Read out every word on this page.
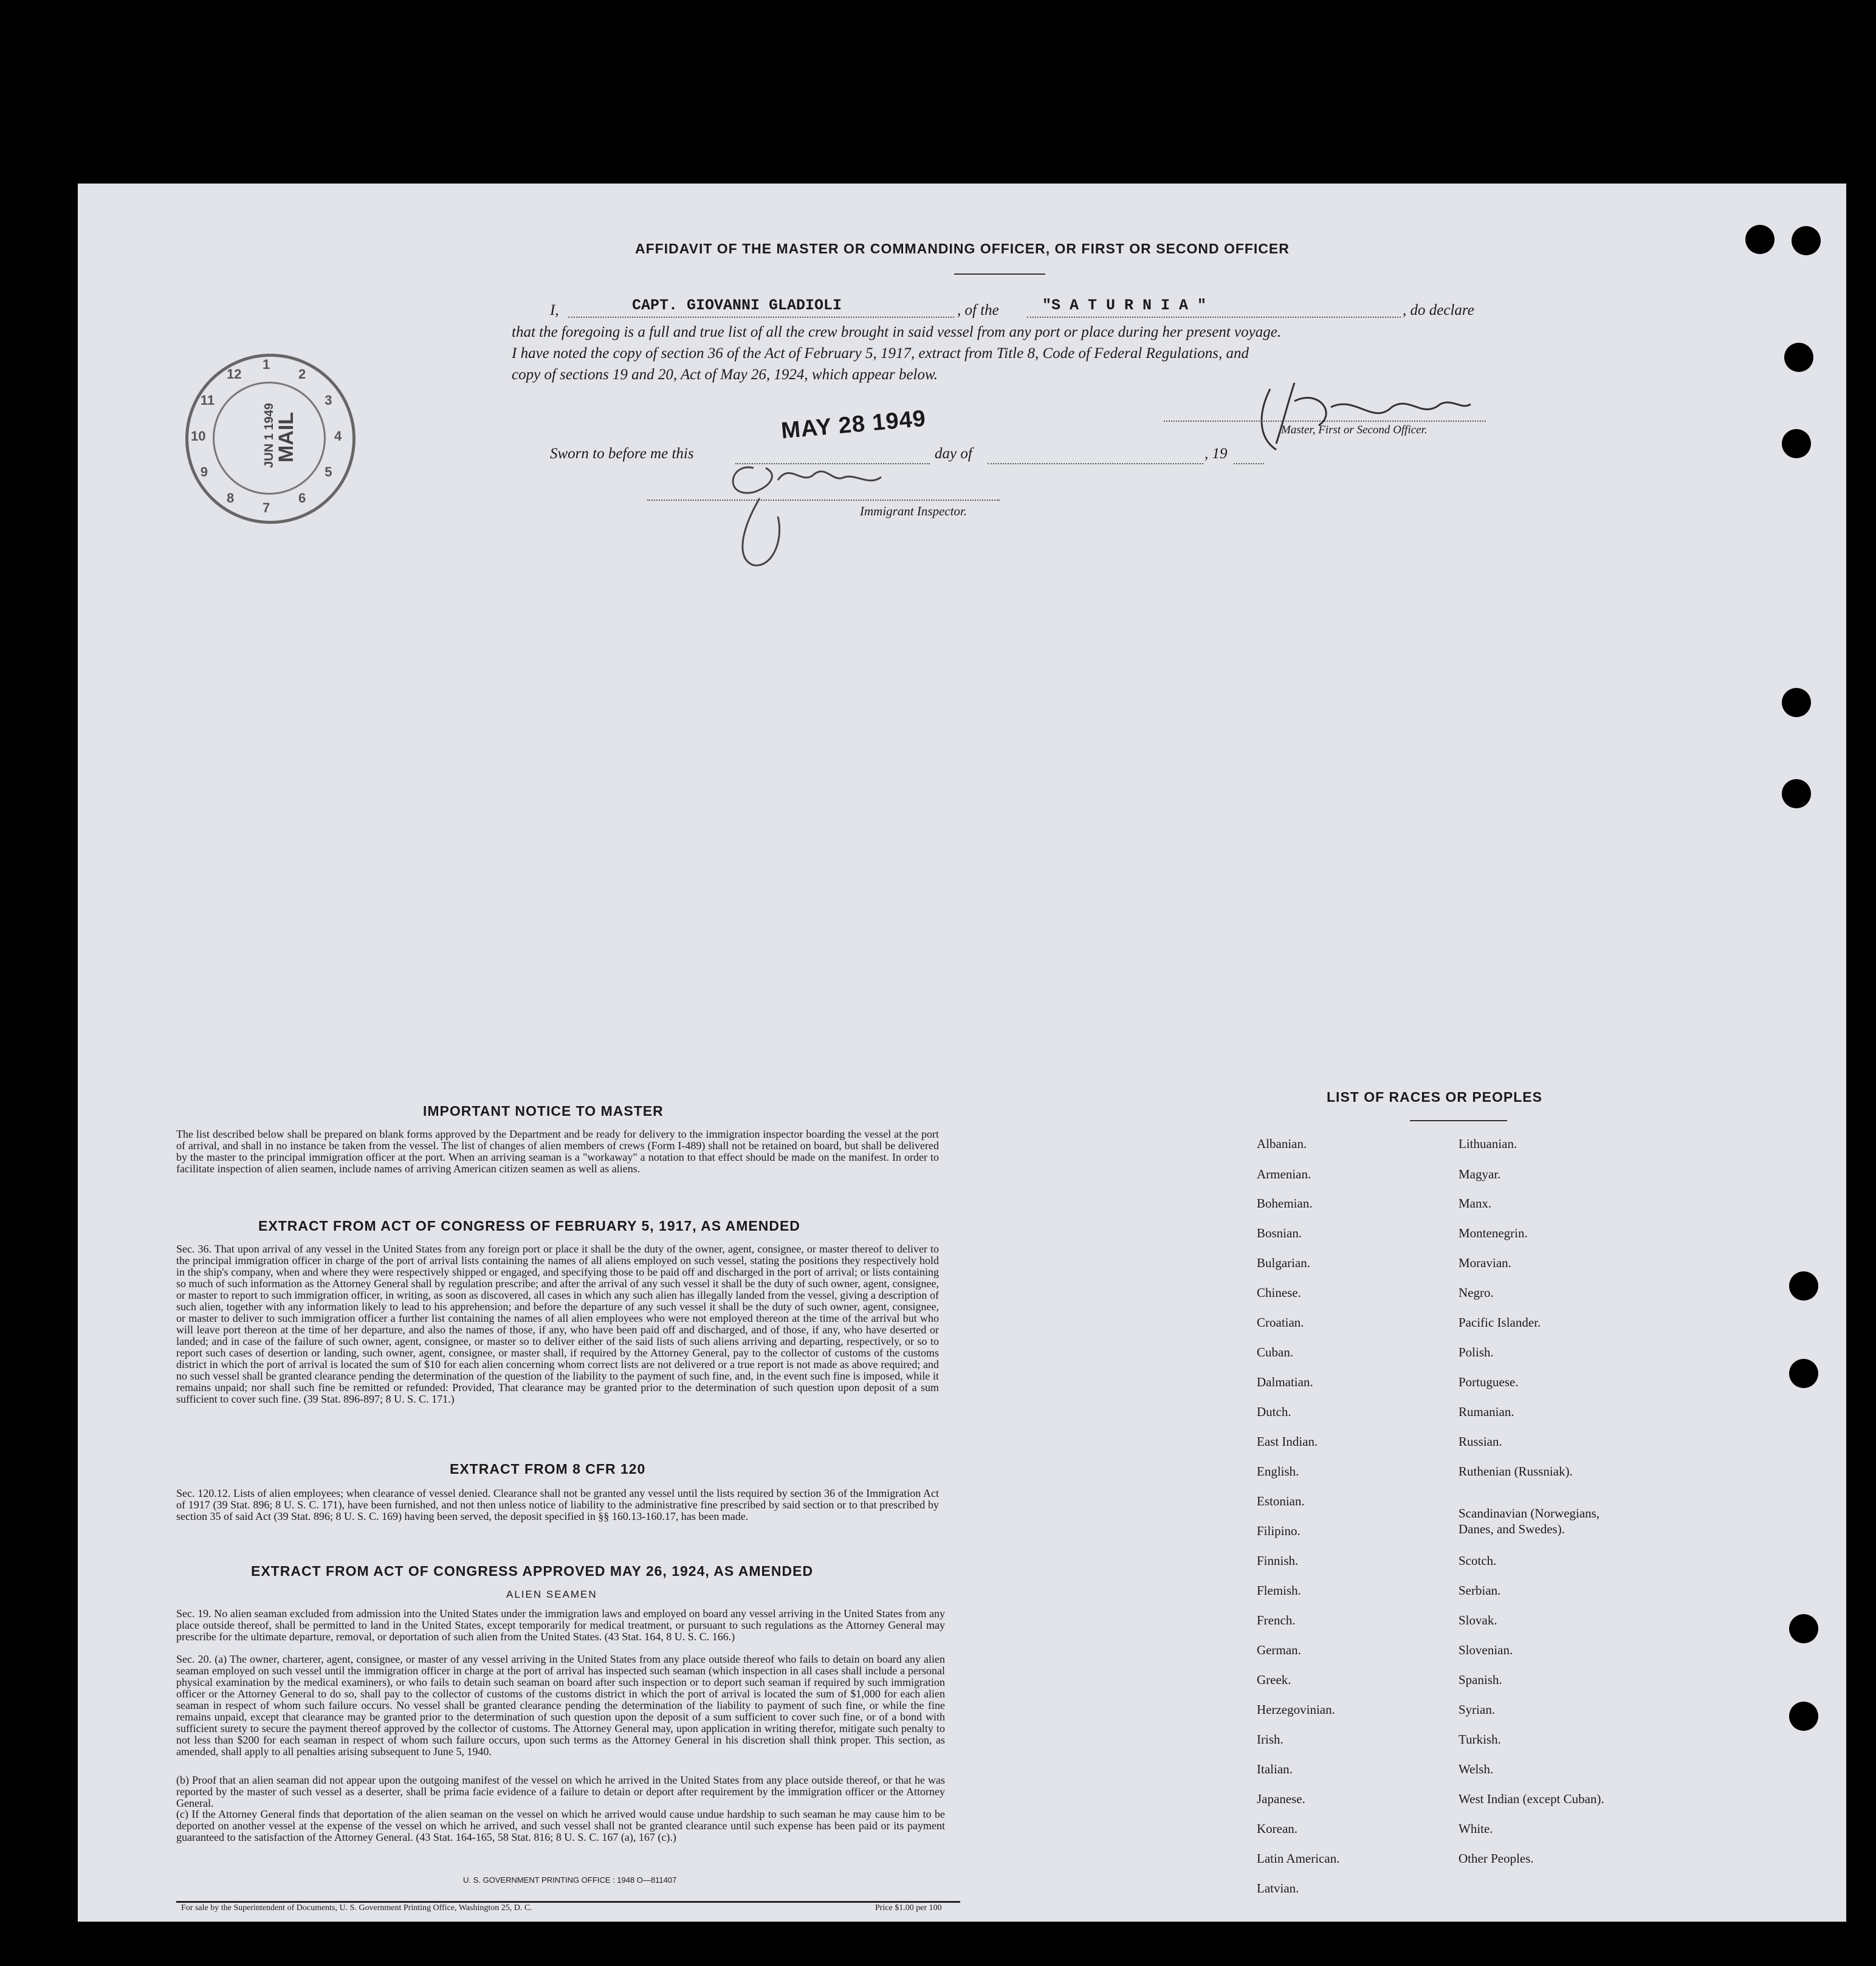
AFFIDAVIT OF THE MASTER OR COMMANDING OFFICER, OR FIRST OR SECOND OFFICER
I,	CAPT. GIOVANNI GLADIOLI	, of the	"S A T U R N I A "	, do declare
that the foregoing is a full and true list of all the crew brought in said vessel from any port or place during her present voyage.
I have noted the copy of section 36 of the Act of February 5, 1917, extract from Title 8, Code of Federal Regulations, and
copy of sections 19 and 20, Act of May 26, 1924, which appear below.
Master, First or Second Officer.
Sworn to before me this
MAY 28 1949
day of	, 19
Immigrant Inspector.
MAIL
JUN 1 1949
1
2
3
4
5
6
7
8
9
10
11
12
IMPORTANT NOTICE TO MASTER
The list described below shall be prepared on blank forms approved by the Department and be ready for delivery to the immigration inspector boarding the vessel at the port of arrival, and shall in no instance be taken from the vessel. The list of changes of alien members of crews (Form I-489) shall not be retained on board, but shall be delivered by the master to the principal immigration officer at the port. When an arriving seaman is a "workaway" a notation to that effect should be made on the manifest. In order to facilitate inspection of alien seamen, include names of arriving American citizen seamen as well as aliens.
EXTRACT FROM ACT OF CONGRESS OF FEBRUARY 5, 1917, AS AMENDED
Sec. 36. That upon arrival of any vessel in the United States from any foreign port or place it shall be the duty of the owner, agent, consignee, or master thereof to deliver to the principal immigration officer in charge of the port of arrival lists containing the names of all aliens employed on such vessel, stating the positions they respectively hold in the ship's company, when and where they were respectively shipped or engaged, and specifying those to be paid off and discharged in the port of arrival; or lists containing so much of such information as the Attorney General shall by regulation prescribe; and after the arrival of any such vessel it shall be the duty of such owner, agent, consignee, or master to report to such immigration officer, in writing, as soon as discovered, all cases in which any such alien has illegally landed from the vessel, giving a description of such alien, together with any information likely to lead to his apprehension; and before the departure of any such vessel it shall be the duty of such owner, agent, consignee, or master to deliver to such immigration officer a further list containing the names of all alien employees who were not employed thereon at the time of the arrival but who will leave port thereon at the time of her departure, and also the names of those, if any, who have been paid off and discharged, and of those, if any, who have deserted or landed; and in case of the failure of such owner, agent, consignee, or master so to deliver either of the said lists of such aliens arriving and departing, respectively, or so to report such cases of desertion or landing, such owner, agent, consignee, or master shall, if required by the Attorney General, pay to the collector of customs of the customs district in which the port of arrival is located the sum of $10 for each alien concerning whom correct lists are not delivered or a true report is not made as above required; and no such vessel shall be granted clearance pending the determination of the question of the liability to the payment of such fine, and, in the event such fine is imposed, while it remains unpaid; nor shall such fine be remitted or refunded: Provided, That clearance may be granted prior to the determination of such question upon deposit of a sum sufficient to cover such fine. (39 Stat. 896-897; 8 U. S. C. 171.)
EXTRACT FROM 8 CFR 120
Sec. 120.12. Lists of alien employees; when clearance of vessel denied. Clearance shall not be granted any vessel until the lists required by section 36 of the Immigration Act of 1917 (39 Stat. 896; 8 U. S. C. 171), have been furnished, and not then unless notice of liability to the administrative fine prescribed by said section or to that prescribed by section 35 of said Act (39 Stat. 896; 8 U. S. C. 169) having been served, the deposit specified in §§ 160.13-160.17, has been made.
EXTRACT FROM ACT OF CONGRESS APPROVED MAY 26, 1924, AS AMENDED
ALIEN SEAMEN
Sec. 19. No alien seaman excluded from admission into the United States under the immigration laws and employed on board any vessel arriving in the United States from any place outside thereof, shall be permitted to land in the United States, except temporarily for medical treatment, or pursuant to such regulations as the Attorney General may prescribe for the ultimate departure, removal, or deportation of such alien from the United States. (43 Stat. 164, 8 U. S. C. 166.)
Sec. 20. (a) The owner, charterer, agent, consignee, or master of any vessel arriving in the United States from any place outside thereof who fails to detain on board any alien seaman employed on such vessel until the immigration officer in charge at the port of arrival has inspected such seaman (which inspection in all cases shall include a personal physical examination by the medical examiners), or who fails to detain such seaman on board after such inspection or to deport such seaman if required by such immigration officer or the Attorney General to do so, shall pay to the collector of customs of the customs district in which the port of arrival is located the sum of $1,000 for each alien seaman in respect of whom such failure occurs. No vessel shall be granted clearance pending the determination of the liability to payment of such fine, or while the fine remains unpaid, except that clearance may be granted prior to the determination of such question upon the deposit of a sum sufficient to cover such fine, or of a bond with sufficient surety to secure the payment thereof approved by the collector of customs. The Attorney General may, upon application in writing therefor, mitigate such penalty to not less than $200 for each seaman in respect of whom such failure occurs, upon such terms as the Attorney General in his discretion shall think proper. This section, as amended, shall apply to all penalties arising subsequent to June 5, 1940.
(b) Proof that an alien seaman did not appear upon the outgoing manifest of the vessel on which he arrived in the United States from any place outside thereof, or that he was reported by the master of such vessel as a deserter, shall be prima facie evidence of a failure to detain or deport after requirement by the immigration officer or the Attorney General.
(c) If the Attorney General finds that deportation of the alien seaman on the vessel on which he arrived would cause undue hardship to such seaman he may cause him to be deported on another vessel at the expense of the vessel on which he arrived, and such vessel shall not be granted clearance until such expense has been paid or its payment guaranteed to the satisfaction of the Attorney General. (43 Stat. 164-165, 58 Stat. 816; 8 U. S. C. 167 (a), 167 (c).)
U. S. GOVERNMENT PRINTING OFFICE : 1948 O—811407
For sale by the Superintendent of Documents, U. S. Government Printing Office, Washington 25, D. C.	Price $1.00 per 100
LIST OF RACES OR PEOPLES
Albanian.
Armenian.
Bohemian.
Bosnian.
Bulgarian.
Chinese.
Croatian.
Cuban.
Dalmatian.
Dutch.
East Indian.
English.
Estonian.
Filipino.
Finnish.
Flemish.
French.
German.
Greek.
Herzegovinian.
Irish.
Italian.
Japanese.
Korean.
Latin American.
Latvian.
Lithuanian.
Magyar.
Manx.
Montenegrin.
Moravian.
Negro.
Pacific Islander.
Polish.
Portuguese.
Rumanian.
Russian.
Ruthenian (Russniak).
Scandinavian (Norwegians,
Danes, and Swedes).
Scotch.
Serbian.
Slovak.
Slovenian.
Spanish.
Syrian.
Turkish.
Welsh.
West Indian (except Cuban).
White.
Other Peoples.
